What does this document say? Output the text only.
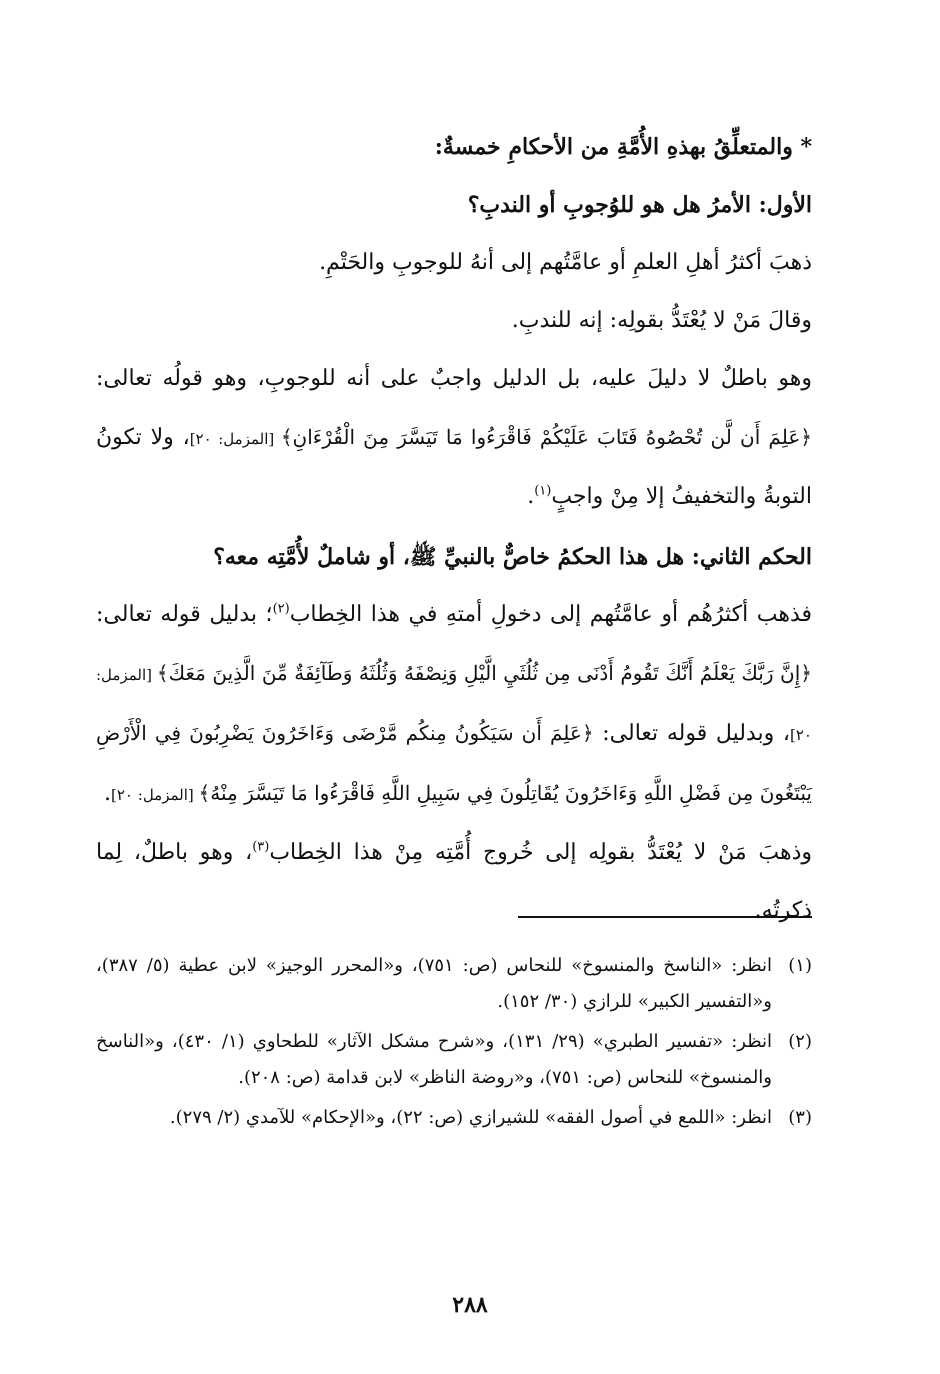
* والمتعلِّقُ بهذهِ الأُمَّةِ من الأحكامِ خمسةٌ:

الأول: الأمرُ هل هو للوُجوبِ أو الندبِ؟

ذهبَ أكثرُ أهلِ العلمِ أو عامَّتُهم إلى أنهُ للوجوبِ والحَتْمِ.

وقالَ مَنْ لا يُعْتَدُّ بقولِه: إنه للندبِ.

وهو باطلٌ لا دليلَ عليه، بل الدليل واجبٌ على أنه للوجوبِ، وهو قولُه تعالى: ﴿عَلِمَ أَن لَّن تُحْصُوهُ فَتَابَ عَلَيْكُمْ فَاقْرَءُوا مَا تَيَسَّرَ مِنَ الْقُرْءَانِ﴾ [المزمل: ٢٠]، ولا تكونُ التوبةُ والتخفيفُ إلا مِنْ واجبٍ$^{(١)}$.

الحكم الثاني: هل هذا الحكمُ خاصٌّ بالنبيِّ ﷺ، أو شاملٌ لأُمَّتِه معه؟

فذهب أكثرُهُم أو عامَّتُهم إلى دخولِ أمتهِ في هذا الخِطاب$^{(٢)}$؛ بدليل قوله تعالى: ﴿إِنَّ رَبَّكَ يَعْلَمُ أَنَّكَ تَقُومُ أَدْنَى مِن ثُلُثَيِ الَّيْلِ وَنِصْفَهُ وَثُلُثَهُ وَطَآئِفَةٌ مِّنَ الَّذِينَ مَعَكَ﴾ [المزمل: ٢٠]، وبدليل قوله تعالى: ﴿عَلِمَ أَن سَيَكُونُ مِنكُم مَّرْضَى وَءَاخَرُونَ يَضْرِبُونَ فِي الْأَرْضِ يَبْتَغُونَ مِن فَضْلِ اللَّهِ وَءَاخَرُونَ يُقَاتِلُونَ فِي سَبِيلِ اللَّهِ فَاقْرَءُوا مَا تَيَسَّرَ مِنْهُ﴾ [المزمل: ٢٠].

وذهبَ مَنْ لا يُعْتَدُّ بقولِه إلى خُروج أُمَّتِه مِنْ هذا الخِطاب$^{(٣)}$، وهو باطلٌ، لِما ذكرتُه.

(١)
انظر: «الناسخ والمنسوخ» للنحاس (ص: ٧٥١)، و«المحرر الوجيز» لابن عطية (٥/ ٣٨٧)، و«التفسير الكبير» للرازي (٣٠/ ١٥٢).
(٢)
انظر: «تفسير الطبري» (٢٩/ ١٣١)، و«شرح مشكل الآثار» للطحاوي (١/ ٤٣٠)، و«الناسخ والمنسوخ» للنحاس (ص: ٧٥١)، و«روضة الناظر» لابن قدامة (ص: ٢٠٨).
(٣)
انظر: «اللمع في أصول الفقه» للشيرازي (ص: ٢٢)، و«الإحكام» للآمدي (٢/ ٢٧٩).
٢٨٨
